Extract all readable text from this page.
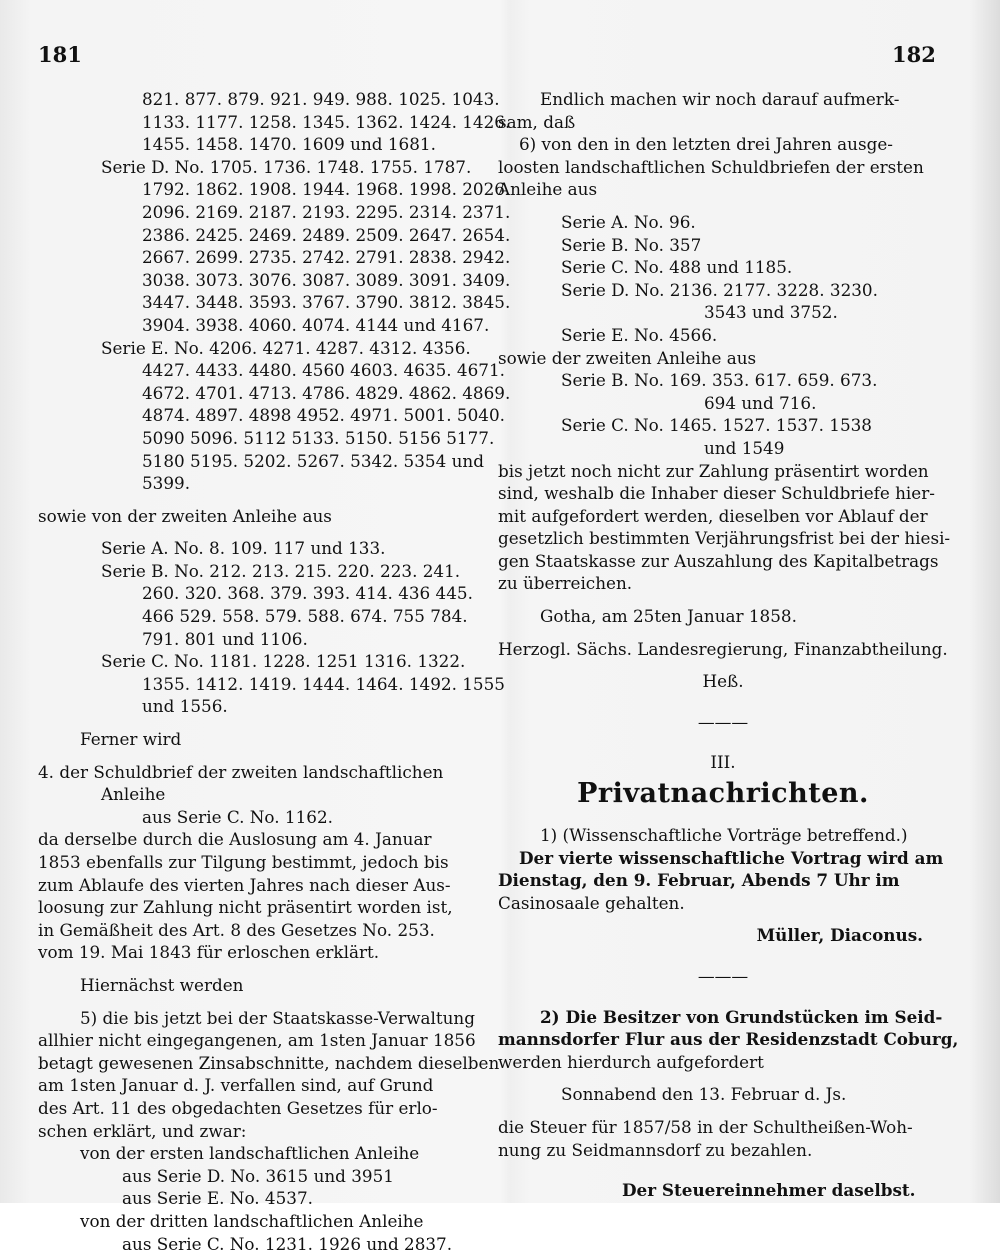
181	182
821. 877. 879. 921. 949. 988. 1025. 1043.
1133. 1177. 1258. 1345. 1362. 1424. 1426.
1455. 1458. 1470. 1609 und 1681.
Serie D. No. 1705. 1736. 1748. 1755. 1787.
1792. 1862. 1908. 1944. 1968. 1998. 2026.
2096. 2169. 2187. 2193. 2295. 2314. 2371.
2386. 2425. 2469. 2489. 2509. 2647. 2654.
2667. 2699. 2735. 2742. 2791. 2838. 2942.
3038. 3073. 3076. 3087. 3089. 3091. 3409.
3447. 3448. 3593. 3767. 3790. 3812. 3845.
3904. 3938. 4060. 4074. 4144 und 4167.
Serie E. No. 4206. 4271. 4287. 4312. 4356.
4427. 4433. 4480. 4560 4603. 4635. 4671.
4672. 4701. 4713. 4786. 4829. 4862. 4869.
4874. 4897. 4898 4952. 4971. 5001. 5040.
5090 5096. 5112 5133. 5150. 5156 5177.
5180 5195. 5202. 5267. 5342. 5354 und
5399.
sowie von der zweiten Anleihe aus
Serie A. No. 8. 109. 117 und 133.
Serie B. No. 212. 213. 215. 220. 223. 241.
260. 320. 368. 379. 393. 414. 436 445.
466 529. 558. 579. 588. 674. 755 784.
791. 801 und 1106.
Serie C. No. 1181. 1228. 1251 1316. 1322.
1355. 1412. 1419. 1444. 1464. 1492. 1555
und 1556.
Ferner wird
4. der Schuldbrief der zweiten landschaftlichen
Anleihe
aus Serie C. No. 1162.
da derselbe durch die Auslosung am 4. Januar
1853 ebenfalls zur Tilgung bestimmt, jedoch bis
zum Ablaufe des vierten Jahres nach dieser Aus-
loosung zur Zahlung nicht präsentirt worden ist,
in Gemäßheit des Art. 8 des Gesetzes No. 253.
vom 19. Mai 1843 für erloschen erklärt.
Hiernächst werden
5) die bis jetzt bei der Staatskasse-Verwaltung
allhier nicht eingegangenen, am 1sten Januar 1856
betagt gewesenen Zinsabschnitte, nachdem dieselben
am 1sten Januar d. J. verfallen sind, auf Grund
des Art. 11 des obgedachten Gesetzes für erlo-
schen erklärt, und zwar:
von der ersten landschaftlichen Anleihe
aus Serie D. No. 3615 und 3951
aus Serie E. No. 4537.
von der dritten landschaftlichen Anleihe
aus Serie C. No. 1231. 1926 und 2837.
Endlich machen wir noch darauf aufmerk-
sam, daß
6) von den in den letzten drei Jahren ausge-
loosten landschaftlichen Schuldbriefen der ersten
Anleihe aus
Serie A. No. 96.
Serie B. No. 357
Serie C. No. 488 und 1185.
Serie D. No. 2136. 2177. 3228. 3230.
3543 und 3752.
Serie E. No. 4566.
sowie der zweiten Anleihe aus
Serie B. No. 169. 353. 617. 659. 673.
694 und 716.
Serie C. No. 1465. 1527. 1537. 1538
und 1549
bis jetzt noch nicht zur Zahlung präsentirt worden
sind, weshalb die Inhaber dieser Schuldbriefe hier-
mit aufgefordert werden, dieselben vor Ablauf der
gesetzlich bestimmten Verjährungsfrist bei der hiesi-
gen Staatskasse zur Auszahlung des Kapitalbetrags
zu überreichen.
Gotha, am 25ten Januar 1858.
Herzogl. Sächs. Landesregierung, Finanzabtheilung.
Heß.
———
III.
Privatnachrichten.
1) (Wissenschaftliche Vorträge betreffend.)
Der vierte wissenschaftliche Vortrag wird am
Dienstag, den 9. Februar, Abends 7 Uhr im
Casinosaale gehalten.
Müller, Diaconus.
———
2) Die Besitzer von Grundstücken im Seid-
mannsdorfer Flur aus der Residenzstadt Coburg,
werden hierdurch aufgefordert
Sonnabend den 13. Februar d. Js.
die Steuer für 1857/58 in der Schultheißen-Woh-
nung zu Seidmannsdorf zu bezahlen.
Der Steuereinnehmer daselbst.
